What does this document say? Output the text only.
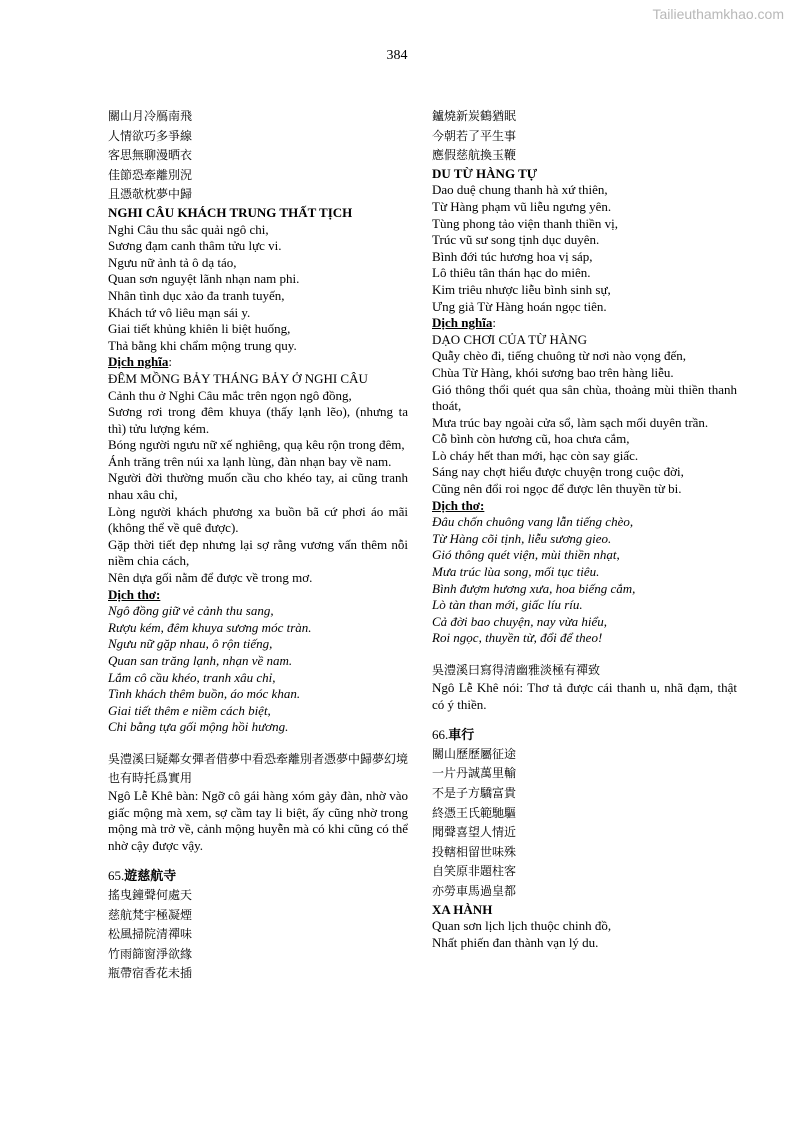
Tailieuthamkhao.com
384
關山月冷鴈南飛
人情欲巧多爭線
客思無聊漫晒衣
佳節恐牽離別況
且憑欹枕夢中歸
NGHI CÂU KHÁCH TRUNG THẤT TỊCH
Nghi Câu thu sắc quải ngô chi,
Sương đạm canh thâm tửu lực vi.
Ngưu nữ ảnh tả ô dạ táo,
Quan sơn nguyệt lãnh nhạn nam phi.
Nhân tình dục xảo đa tranh tuyến,
Khách tứ vô liêu mạn sái y.
Giai tiết khủng khiên li biệt huống,
Thả bằng khi chẩm mộng trung quy.
Dịch nghĩa:
ĐÊM MỒNG BẢY THÁNG BẢY Ở NGHI CÂU
Cảnh thu ở Nghi Câu mắc trên ngọn ngô đồng,
Sương rơi trong đêm khuya (thấy lạnh lẽo), (nhưng ta thì) tửu lượng kém.
Bóng người ngưu nữ xế nghiêng, quạ kêu rộn trong đêm,
Ánh trăng trên núi xa lạnh lùng, đàn nhạn bay về nam.
Người đời thường muốn cầu cho khéo tay, ai cũng tranh nhau xâu chỉ,
Lòng người khách phương xa buồn bã cứ phơi áo mãi (không thể về quê được).
Gặp thời tiết đẹp nhưng lại sợ rằng vương vấn thêm nỗi niềm chia cách,
Nên dựa gối nằm để được về trong mơ.
Dịch thơ:
Ngô đồng giữ vẻ cảnh thu sang,
Rượu kém, đêm khuya sương móc tràn.
Ngưu nữ gặp nhau, ô rộn tiếng,
Quan san trăng lạnh, nhạn về nam.
Lắm cô cầu khéo, tranh xâu chỉ,
Tình khách thêm buồn, áo móc khan.
Giai tiết thêm e niềm cách biệt,
Chi bằng tựa gối mộng hồi hương.
吳澧溪曰疑鄰女彈者借夢中看恐牽離別者憑夢中歸夢幻境也有時托爲實用
Ngô Lễ Khê bàn: Ngỡ cô gái hàng xóm gảy đàn, nhờ vào giấc mộng mà xem, sợ cầm tay li biệt, ấy cũng nhờ trong mộng mà trở về, cảnh mộng huyễn mà có khi cũng có thể nhờ cậy được vậy.
65.遊慈航寺
搖曳鐘聲何處天
慈航梵宇極凝煙
松風掃院清禪味
竹雨篩窗淨欲緣
瓶帶宿香花未插
鑪燒新炭鶴猶眠
今朝若了平生事
應假慈航換玉鞭
DU TỪ HÀNG TỰ
Dao duệ chung thanh hà xứ thiên,
Từ Hàng phạm vũ liễu ngưng yên.
Tùng phong tảo viện thanh thiền vị,
Trúc vũ sư song tịnh dục duyên.
Bình đới túc hương hoa vị sáp,
Lô thiêu tân thán hạc do miên.
Kim triêu nhược liễu bình sinh sự,
Ưng giả Từ Hàng hoán ngọc tiên.
Dịch nghĩa:
DẠO CHƠI CỦA TỪ HÀNG
Quẫy chèo đi, tiếng chuông từ nơi nào vọng đến,
Chùa Từ Hàng, khói sương bao trên hàng liễu.
Gió thông thổi quét qua sân chùa, thoảng mùi thiền thanh thoát,
Mưa trúc bay ngoài cửa sổ, làm sạch mối duyên trần.
Cỗ bình còn hương cũ, hoa chưa cắm,
Lò cháy hết than mới, hạc còn say giấc.
Sáng nay chợt hiểu được chuyện trong cuộc đời,
Cũng nên đổi roi ngọc để được lên thuyền từ bi.
Dịch thơ:
Đâu chốn chuông vang lẫn tiếng chèo,
Từ Hàng cõi tịnh, liễu sương gieo.
Gió thông quét viện, mùi thiền nhạt,
Mưa trúc lùa song, mối tục tiêu.
Bình đượm hương xưa, hoa biếng cắm,
Lò tàn than mới, giấc líu ríu.
Cả đời bao chuyện, nay vừa hiểu,
Roi ngọc, thuyền từ, đổi để theo!
吳澧溪曰寫得清幽雅淡極有禪致
Ngô Lễ Khê nói: Thơ tả được cái thanh u, nhã đạm, thật có ý thiền.
66.車行
關山歷歷屬征途
一片丹誠萬里輸
不是子方驕富貴
終憑王氏範馳驅
聞聲喜望人情近
投轄相留世味殊
自笑原非題柱客
亦勞車馬過皇都
XA HÀNH
Quan sơn lịch lịch thuộc chinh đồ,
Nhất phiến đan thành vạn lý du.
